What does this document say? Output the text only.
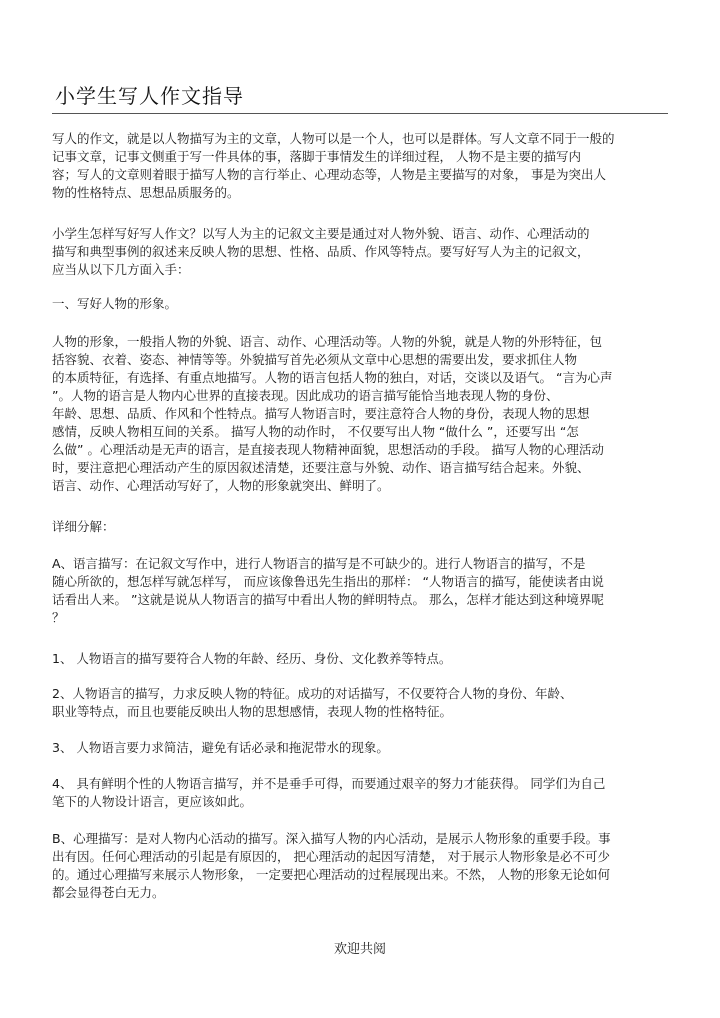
小学生写人作文指导
写人的作文，就是以人物描写为主的文章，人物可以是一个人，也可以是群体。写人文章不同于一般的
记事文章，记事文侧重于写一件具体的事，落脚于事情发生的详细过程， 人物不是主要的描写内
容；写人的文章则着眼于描写人物的言行举止、心理动态等，人物是主要描写的对象， 事是为突出人
物的性格特点、思想品质服务的。
小学生怎样写好写人作文？以写人为主的记叙文主要是通过对人物外貌、语言、动作、心理活动的
描写和典型事例的叙述来反映人物的思想、性格、品质、作风等特点。要写好写人为主的记叙文，
应当从以下几方面入手：
一、写好人物的形象。
人物的形象，一般指人物的外貌、语言、动作、心理活动等。人物的外貌，就是人物的外形特征，包
括容貌、衣着、姿态、神情等等。外貌描写首先必须从文章中心思想的需要出发，要求抓住人物
的本质特征，有选择、有重点地描写。人物的语言包括人物的独白，对话，交谈以及语气。 “言为心声
”。人物的语言是人物内心世界的直接表现。因此成功的语言描写能恰当地表现人物的身份、
年龄、思想、品质、作风和个性特点。描写人物语言时，要注意符合人物的身份，表现人物的思想
感情，反映人物相互间的关系。 描写人物的动作时， 不仅要写出人物 “做什么 ”，还要写出 “怎
么做” 。心理活动是无声的语言，是直接表现人物精神面貌，思想活动的手段。 描写人物的心理活动
时，要注意把心理活动产生的原因叙述清楚，还要注意与外貌、动作、语言描写结合起来。外貌、
语言、动作、心理活动写好了，人物的形象就突出、鲜明了。
详细分解：
A、语言描写：在记叙文写作中，进行人物语言的描写是不可缺少的。进行人物语言的描写，不是
随心所欲的，想怎样写就怎样写， 而应该像鲁迅先生指出的那样： “人物语言的描写，能使读者由说
话看出人来。 ”这就是说从人物语言的描写中看出人物的鲜明特点。 那么，怎样才能达到这种境界呢
？
1、 人物语言的描写要符合人物的年龄、经历、身份、文化教养等特点。
2、人物语言的描写，力求反映人物的特征。成功的对话描写，不仅要符合人物的身份、年龄、
职业等特点，而且也要能反映出人物的思想感情，表现人物的性格特征。
3、 人物语言要力求简洁，避免有话必录和拖泥带水的现象。
4、 具有鲜明个性的人物语言描写，并不是垂手可得，而要通过艰辛的努力才能获得。 同学们为自己
笔下的人物设计语言，更应该如此。
B、心理描写：是对人物内心活动的描写。深入描写人物的内心活动，是展示人物形象的重要手段。事
出有因。任何心理活动的引起是有原因的， 把心理活动的起因写清楚， 对于展示人物形象是必不可少
的。通过心理描写来展示人物形象， 一定要把心理活动的过程展现出来。不然， 人物的形象无论如何
都会显得苍白无力。
欢迎共阅
